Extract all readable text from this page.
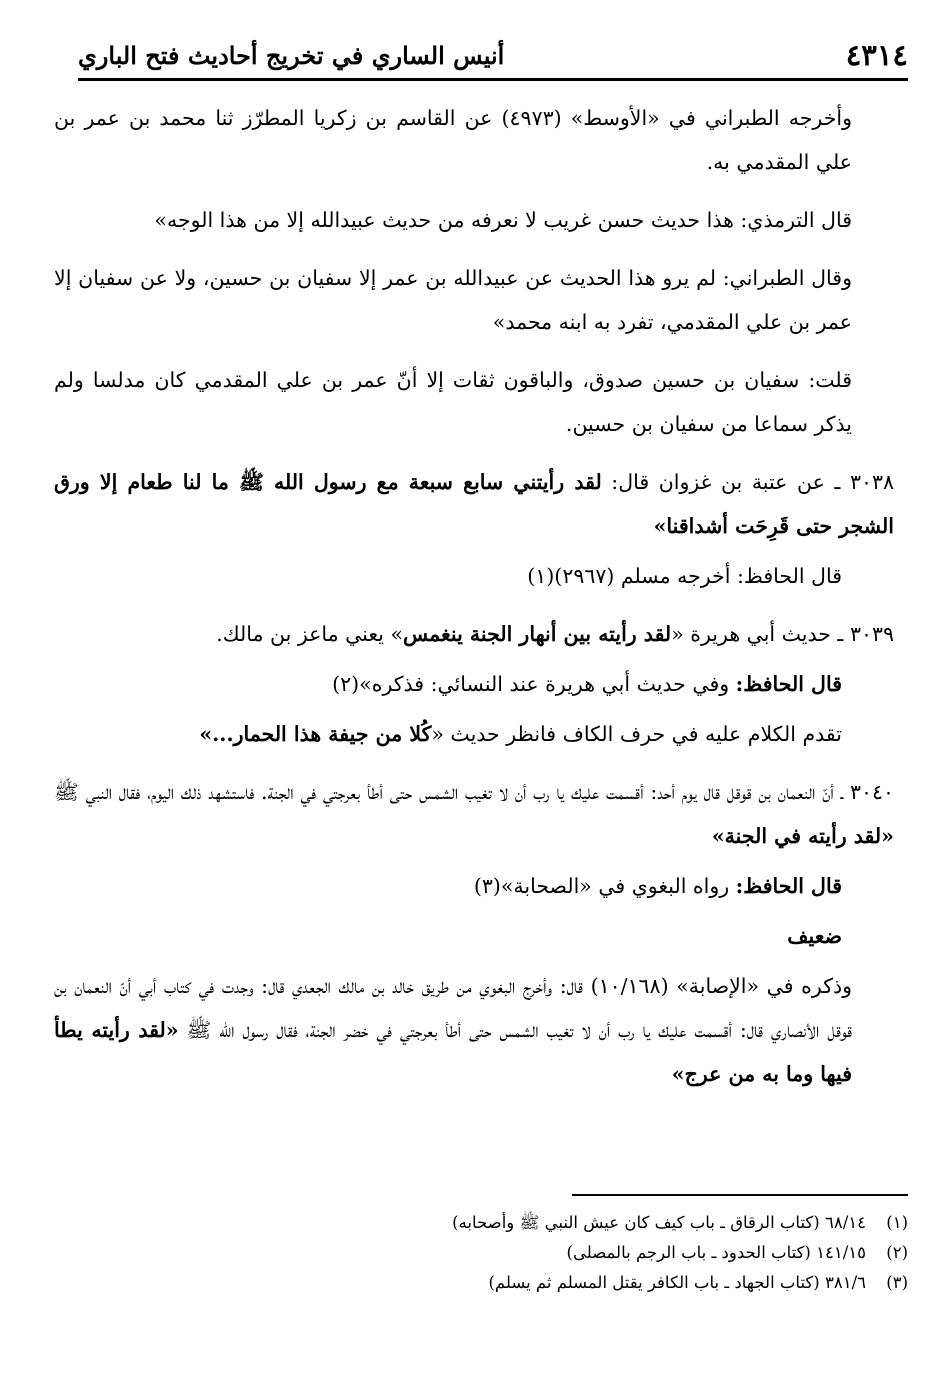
٤٣١٤
أنيس الساري في تخريج أحاديث فتح الباري

وأخرجه الطبراني في «الأوسط» (٤٩٧٣) عن القاسم بن زكريا المطرّز ثنا محمد بن عمر بن علي المقدمي به.

قال الترمذي: هذا حديث حسن غريب لا نعرفه من حديث عبيدالله إلا من هذا الوجه»

وقال الطبراني: لم يرو هذا الحديث عن عبيدالله بن عمر إلا سفيان بن حسين، ولا عن سفيان إلا عمر بن علي المقدمي، تفرد به ابنه محمد»

قلت: سفيان بن حسين صدوق، والباقون ثقات إلا أنّ عمر بن علي المقدمي كان مدلسا ولم يذكر سماعا من سفيان بن حسين.

٣٠٣٨ ـ عن عتبة بن غزوان قال: لقد رأيتني سابع سبعة مع رسول الله ﷺ ما لنا طعام إلا ورق الشجر حتى قَرِحَت أشداقنا»

قال الحافظ: أخرجه مسلم (٢٩٦٧)(١)

٣٠٣٩ ـ حديث أبي هريرة «لقد رأيته بين أنهار الجنة ينغمس» يعني ماعز بن مالك.

قال الحافظ: وفي حديث أبي هريرة عند النسائي: فذكره»(٢)

تقدم الكلام عليه في حرف الكاف فانظر حديث «كُلا من جيفة هذا الحمار...»

٣٠٤٠ ـ أنّ النعمان بن قوقل قال يوم أحد: أقسمت عليك يا رب أن لا تغيب الشمس حتى أطأ بعرجتي في الجنة. فاستشهد ذلك اليوم، فقال النبي ﷺ «لقد رأيته في الجنة»

قال الحافظ: رواه البغوي في «الصحابة»(٣)

ضعيف

وذكره في «الإصابة» (١٠/١٦٨) قال: وأخرج البغوي من طريق خالد بن مالك الجعدي قال: وجدت في كتاب أبي أنّ النعمان بن قوقل الأنصاري قال: أقسمت عليك يا رب أن لا تغيب الشمس حتى أطأ بعرجتي في خضر الجنة، فقال رسول الله ﷺ «لقد رأيته يطأ فيها وما به من عرج»

(١)
٦٨/١٤ (كتاب الرقاق ـ باب كيف كان عيش النبي ﷺ وأصحابه)
(٢)
١٤١/١٥ (كتاب الحدود ـ باب الرجم بالمصلى)
(٣)
٣٨١/٦ (كتاب الجهاد ـ باب الكافر يقتل المسلم ثم يسلم)
